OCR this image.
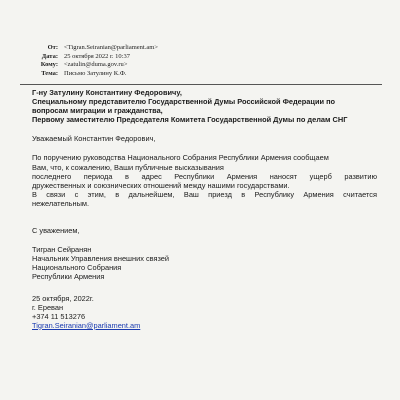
От: <Tigran.Seiranian@parliament.am>
Дата: 25 октября 2022 г. 10:37
Кому: <zatulin@duma.gov.ru>
Тема: Письмо Затулину К.Ф.
Г-ну Затулину Константину Федоровичу,
Специальному представителю Государственной Думы Российской Федерации по
вопросам миграции и гражданства,
Первому заместителю Председателя Комитета Государственной Думы по делам СНГ
Уважаемый Константин Федорович,
По поручению руководства Национального Собрания Республики Армения сообщаем
Вам, что, к сожалению, Ваши публичные высказывания
последнего периода в адрес Республики Армения наносят ущерб развитию
дружественных и союзнических отношений между нашими государствами.
В связи с этим, в дальнейшем, Ваш приезд в Республику Армения считается
нежелательным.
С уважением,
Тигран Сейранян
Начальник Управления внешних связей
Национального Собрания
Республики Армения
25 октября, 2022г.
г. Ереван
+374 11 513276
Tigran.Seiranian@parliament.am
